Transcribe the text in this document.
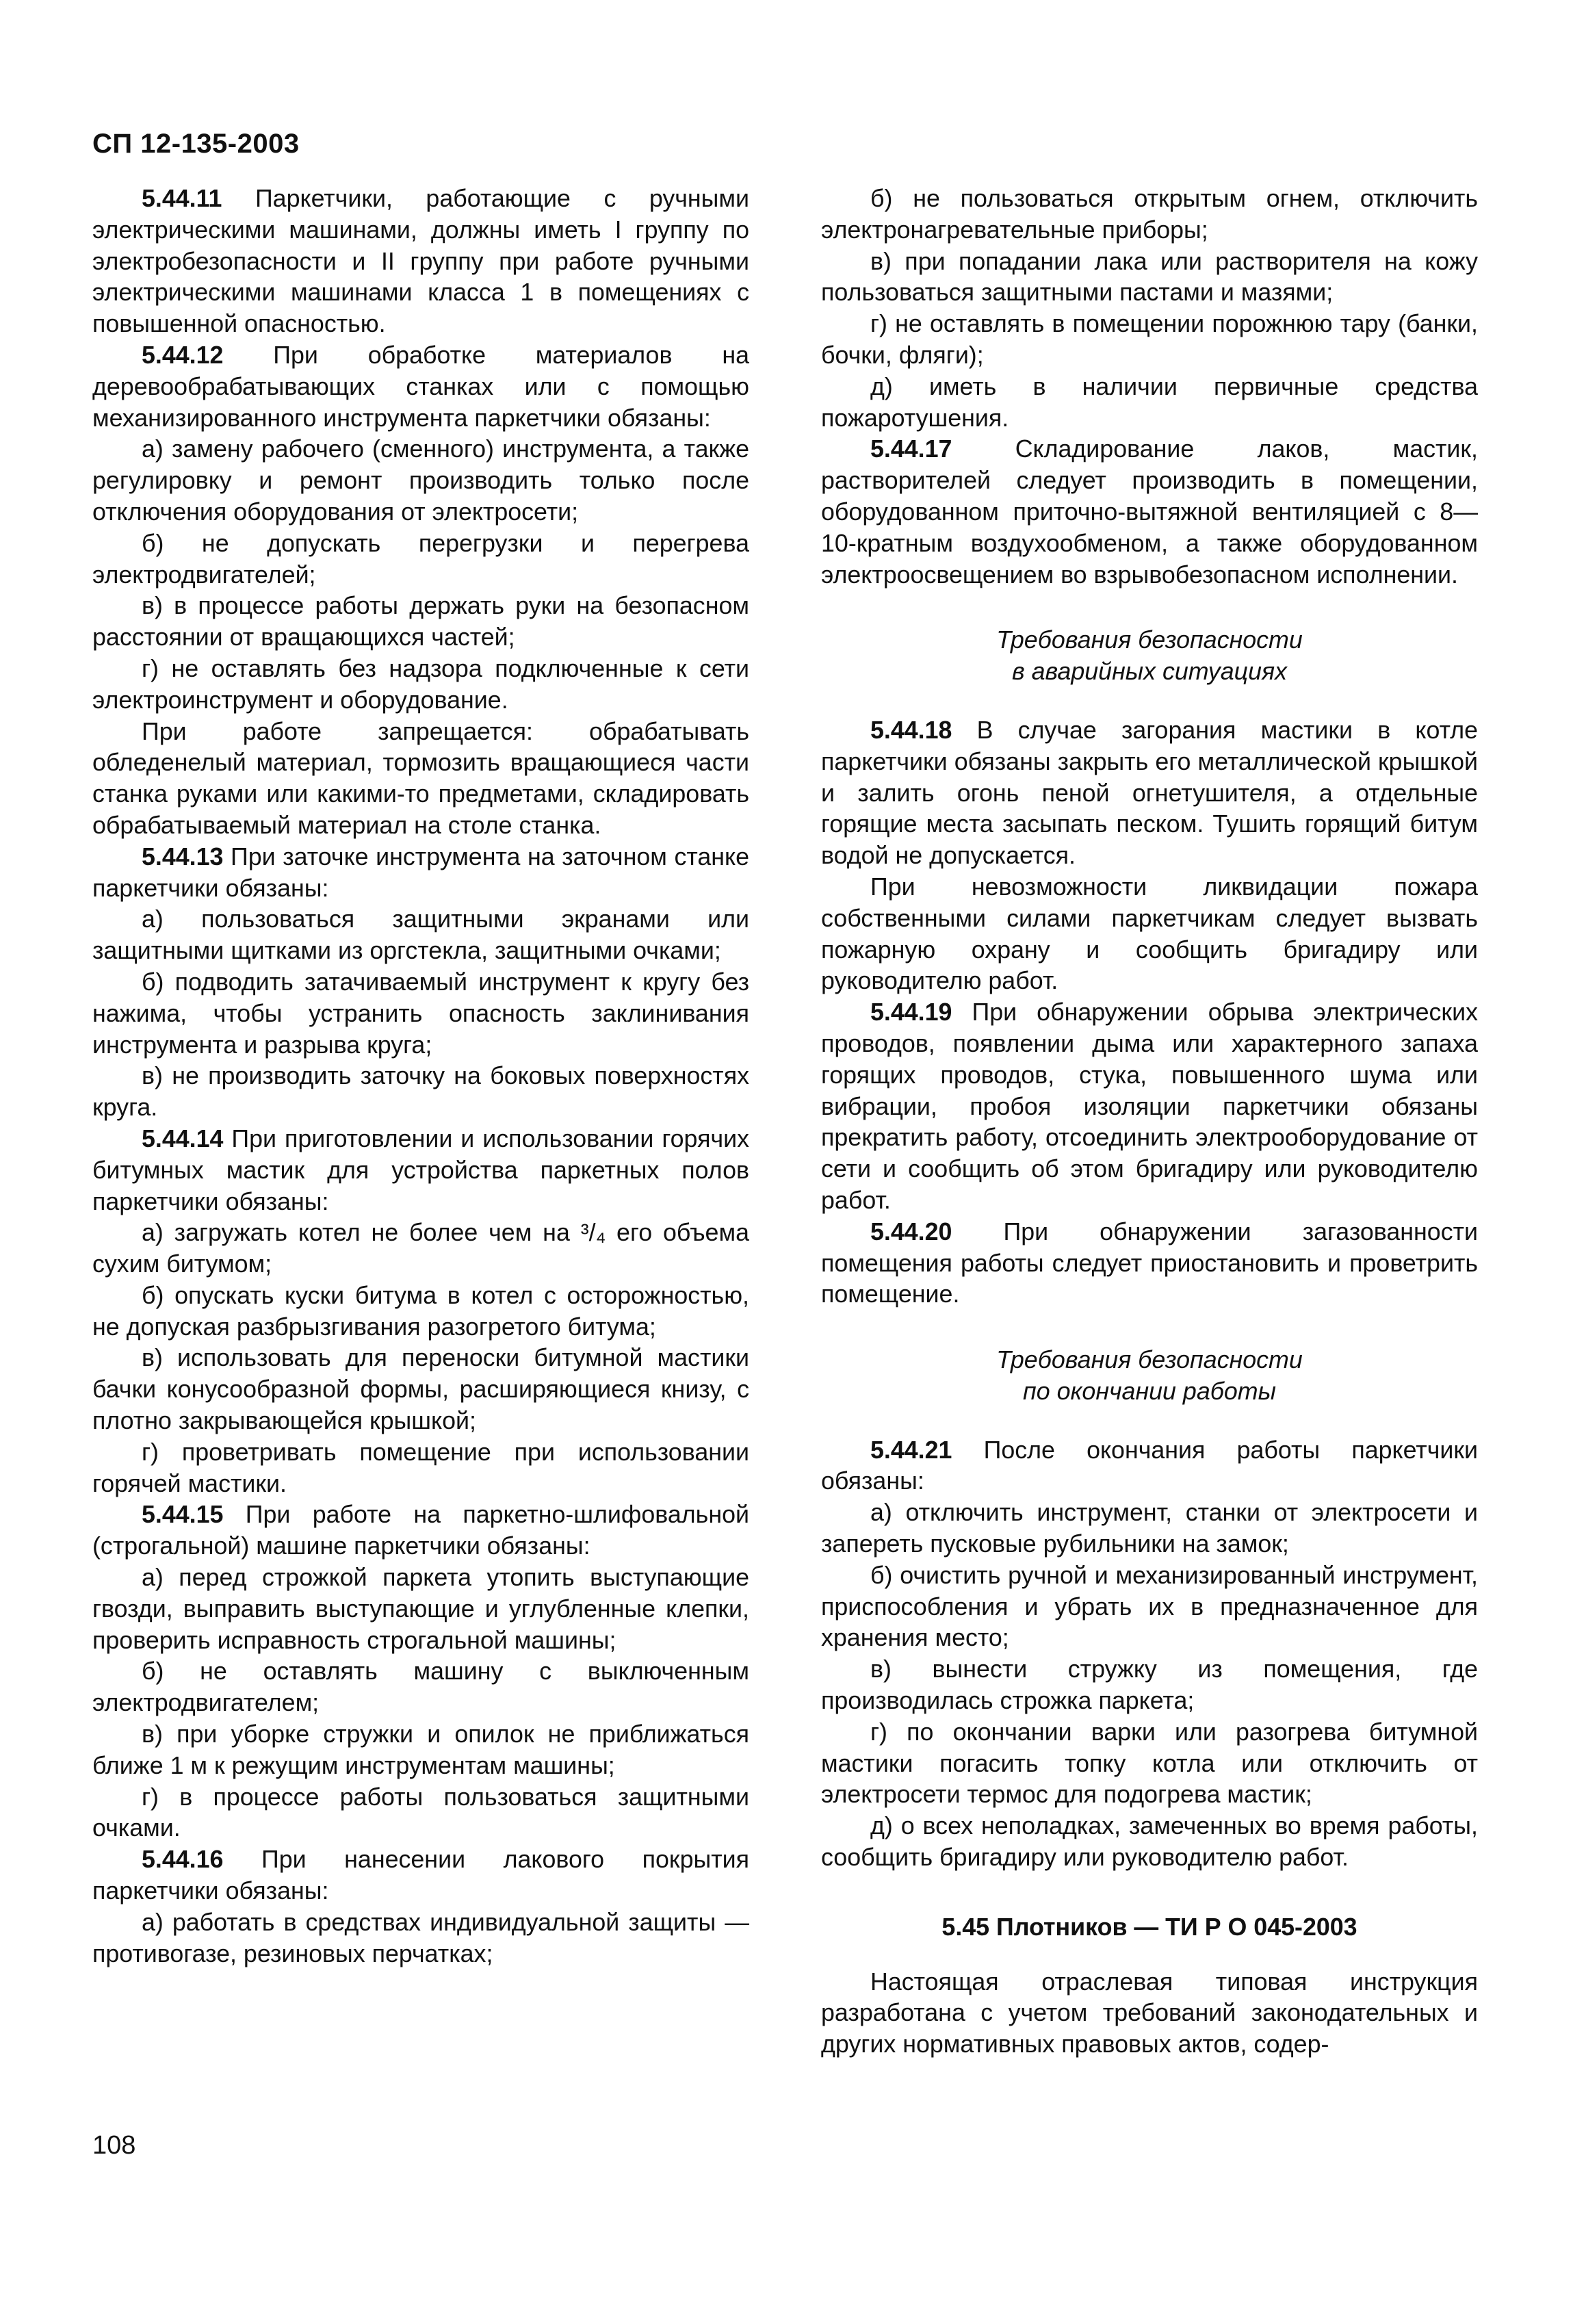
СП 12-135-2003

5.44.11 Паркетчики, работающие с ручными электрическими машинами, должны иметь I группу по электробезопасности и II группу при работе ручными электрическими машинами класса 1 в помещениях с повышенной опасностью.

5.44.12 При обработке материалов на деревообрабатывающих станках или с помощью механизированного инструмента паркетчики обязаны:

а) замену рабочего (сменного) инструмента, а также регулировку и ремонт производить только после отключения оборудования от электросети;

б) не допускать перегрузки и перегрева электродвигателей;

в) в процессе работы держать руки на безопасном расстоянии от вращающихся частей;

г) не оставлять без надзора подключенные к сети электроинструмент и оборудование.

При работе запрещается: обрабатывать обледенелый материал, тормозить вращающиеся части станка руками или какими-то предметами, складировать обрабатываемый материал на столе станка.

5.44.13 При заточке инструмента на заточном станке паркетчики обязаны:

а) пользоваться защитными экранами или защитными щитками из оргстекла, защитными очками;

б) подводить затачиваемый инструмент к кругу без нажима, чтобы устранить опасность заклинивания инструмента и разрыва круга;

в) не производить заточку на боковых поверхностях круга.

5.44.14 При приготовлении и использовании горячих битумных мастик для устройства паркетных полов паркетчики обязаны:

а) загружать котел не более чем на ³/₄ его объема сухим битумом;

б) опускать куски битума в котел с осторожностью, не допуская разбрызгивания разогретого битума;

в) использовать для переноски битумной мастики бачки конусообразной формы, расширяющиеся книзу, с плотно закрывающейся крышкой;

г) проветривать помещение при использовании горячей мастики.

5.44.15 При работе на паркетно-шлифовальной (строгальной) машине паркетчики обязаны:

а) перед строжкой паркета утопить выступающие гвозди, выправить выступающие и углубленные клепки, проверить исправность строгальной машины;

б) не оставлять машину с выключенным электродвигателем;

в) при уборке стружки и опилок не приближаться ближе 1 м к режущим инструментам машины;

г) в процессе работы пользоваться защитными очками.

5.44.16 При нанесении лакового покрытия паркетчики обязаны:

а) работать в средствах индивидуальной защиты — противогазе, резиновых перчатках;

б) не пользоваться открытым огнем, отключить электронагревательные приборы;

в) при попадании лака или растворителя на кожу пользоваться защитными пастами и мазями;

г) не оставлять в помещении порожнюю тару (банки, бочки, фляги);

д) иметь в наличии первичные средства пожаротушения.

5.44.17 Складирование лаков, мастик, растворителей следует производить в помещении, оборудованном приточно-вытяжной вентиляцией с 8—10-кратным воздухообменом, а также оборудованном электроосвещением во взрывобезопасном исполнении.

Требования безопасности

в аварийных ситуациях

5.44.18 В случае загорания мастики в котле паркетчики обязаны закрыть его металлической крышкой и залить огонь пеной огнетушителя, а отдельные горящие места засыпать песком. Тушить горящий битум водой не допускается.

При невозможности ликвидации пожара собственными силами паркетчикам следует вызвать пожарную охрану и сообщить бригадиру или руководителю работ.

5.44.19 При обнаружении обрыва электрических проводов, появлении дыма или характерного запаха горящих проводов, стука, повышенного шума или вибрации, пробоя изоляции паркетчики обязаны прекратить работу, отсоединить электрооборудование от сети и сообщить об этом бригадиру или руководителю работ.

5.44.20 При обнаружении загазованности помещения работы следует приостановить и проветрить помещение.

Требования безопасности

по окончании работы

5.44.21 После окончания работы паркетчики обязаны:

а) отключить инструмент, станки от электросети и запереть пусковые рубильники на замок;

б) очистить ручной и механизированный инструмент, приспособления и убрать их в предназначенное для хранения место;

в) вынести стружку из помещения, где производилась строжка паркета;

г) по окончании варки или разогрева битумной мастики погасить топку котла или отключить от электросети термос для подогрева мастик;

д) о всех неполадках, замеченных во время работы, сообщить бригадиру или руководителю работ.

5.45 Плотников — ТИ Р О 045-2003

Настоящая отраслевая типовая инструкция разработана с учетом требований законодательных и других нормативных правовых актов, содер-

108
